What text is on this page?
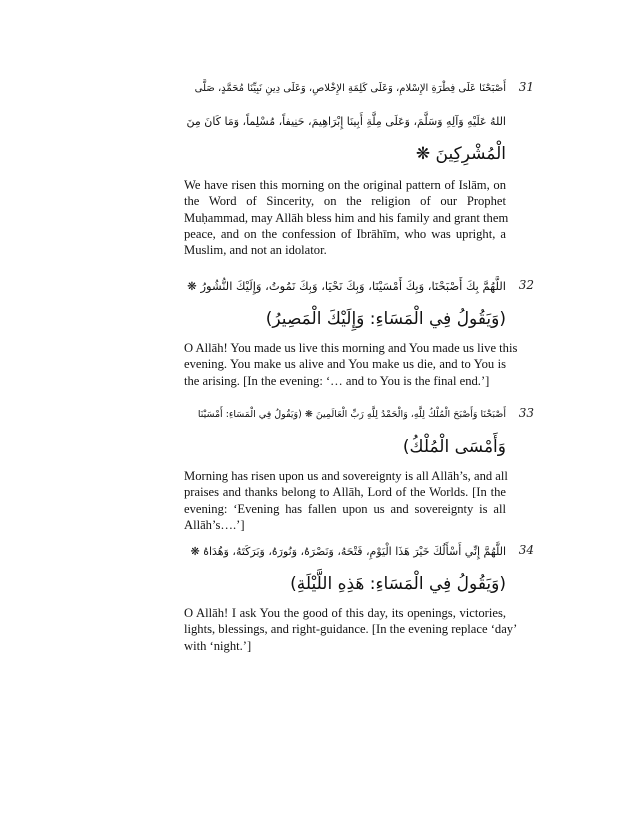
31
أَصْبَحْنَا عَلَى فِطْرَةِ الإِسْلامِ، وَعَلَى كَلِمَةِ الإِخْلاصِ، وَعَلَى دِينِ نَبِيِّنَا مُحَمَّدٍ، صَلَّى
اللهُ عَلَيْهِ وَآلِهِ وَسَلَّمَ، وَعَلَى مِلَّةِ أَبِينَا إِبْرَاهِيمَ، حَنِيفاً، مُسْلِماً، وَمَا كَانَ مِنَ
الْمُشْرِكِينَ ❋

We have risen this morning on the original pattern of Islām, on
the Word of Sincerity, on the religion of our Prophet
Muḥammad, may Allāh bless him and his family and grant them
peace, and on the confession of Ibrāhīm, who was upright, a
Muslim, and not an idolator.

32
اللَّهُمَّ بِكَ أَصْبَحْنَا، وَبِكَ أَمْسَيْنَا، وَبِكَ نَحْيَا، وَبِكَ نَمُوتُ، وَإِلَيْكَ النُّشُورُ ❋
(وَيَقُولُ فِي الْمَسَاءِ: وَإِلَيْكَ الْمَصِيرُ)

O Allāh! You made us live this morning and You made us live this
evening. You make us alive and You make us die, and to You is
the arising. [In the evening: ‘… and to You is the final end.’]

33
أَصْبَحْنَا وَأَصْبَحَ الْمُلْكُ لِلَّهِ، وَالْحَمْدُ لِلَّهِ رَبِّ الْعَالَمِينَ ❋ (وَيَقُولُ فِي الْمَسَاءِ: أَمْسَيْنَا
وَأَمْسَى الْمُلْكُ)

Morning has risen upon us and sovereignty is all Allāh’s, and all
praises and thanks belong to Allāh, Lord of the Worlds. [In the
evening: ‘Evening has fallen upon us and sovereignty is all
Allāh’s….’]

34
اللَّهُمَّ إِنِّي أَسْأَلُكَ خَيْرَ هَذَا الْيَوْمِ، فَتْحَهُ، وَنَصْرَهُ، وَنُورَهُ، وَبَرَكَتَهُ، وَهُدَاهُ ❋
(وَيَقُولُ فِي الْمَسَاءِ: هَذِهِ اللَّيْلَةِ)

O Allāh! I ask You the good of this day, its openings, victories,
lights, blessings, and right-guidance. [In the evening replace ‘day’
with ‘night.’]
